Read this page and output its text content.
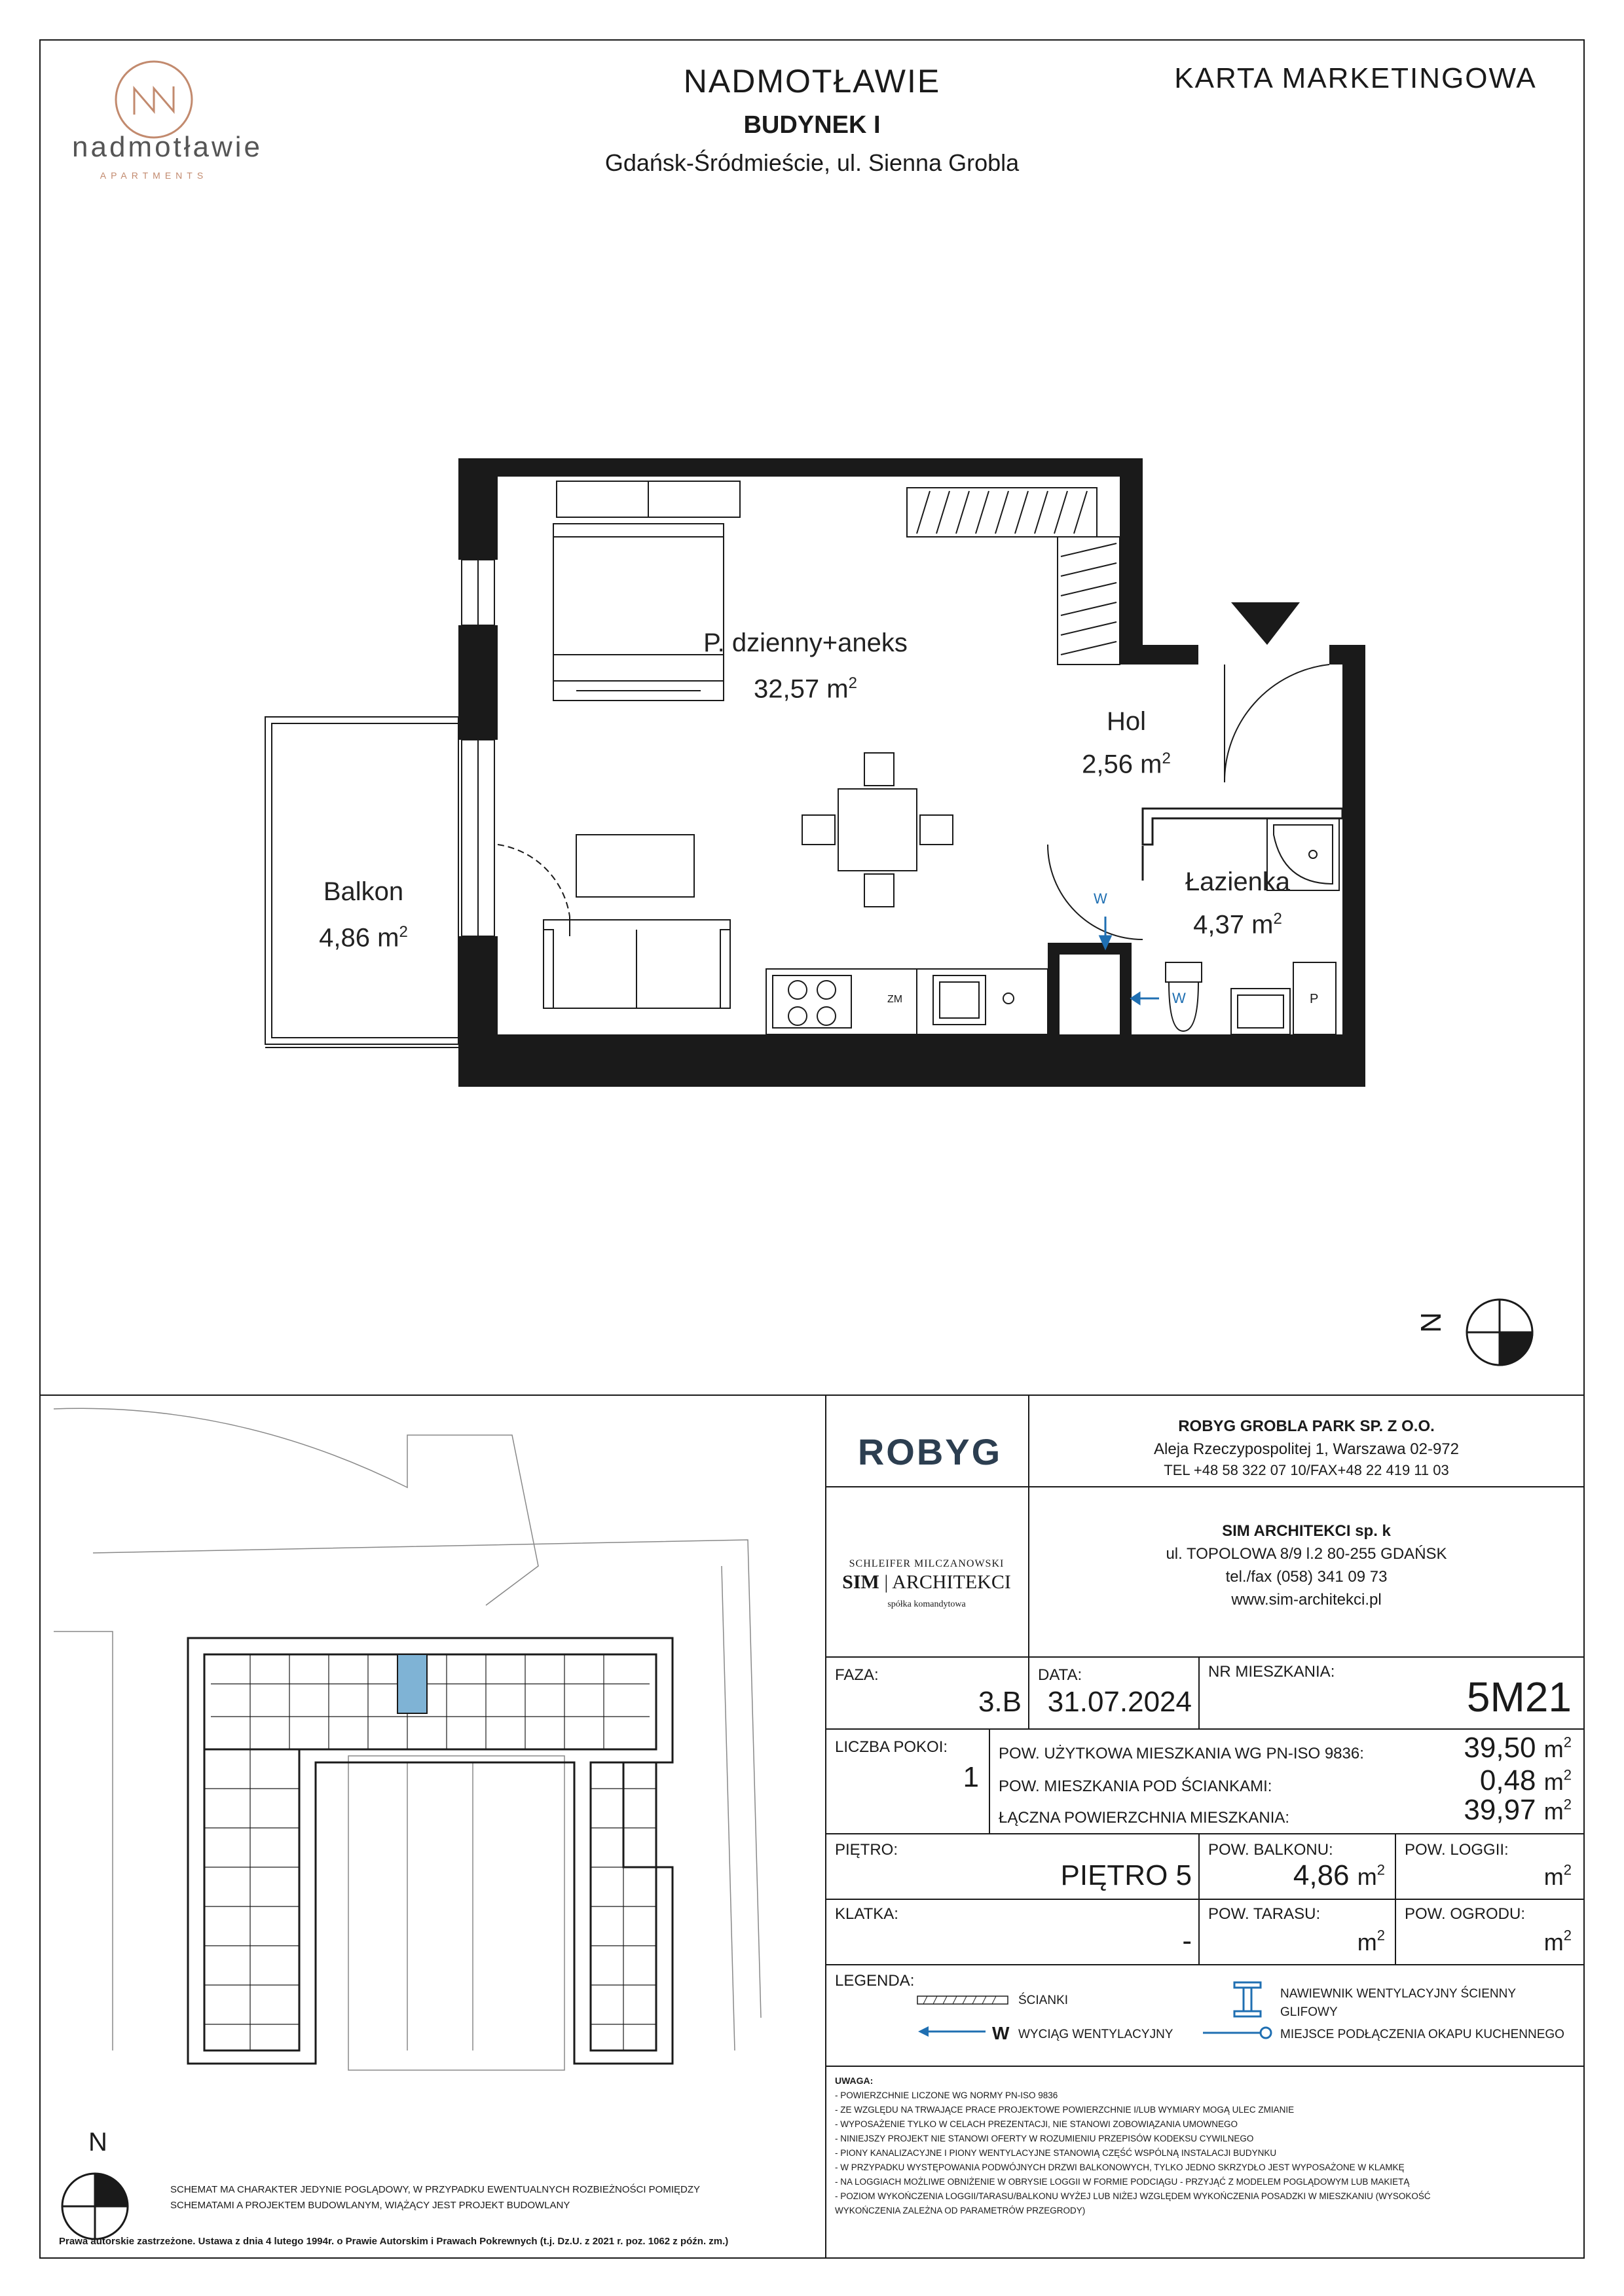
nadmotławie
APARTMENTS
NADMOTŁAWIE
BUDYNEK I
Gdańsk-Śródmieście, ul. Sienna Grobla
KARTA MARKETINGOWA
P. dzienny+aneks
32,57 $m^2$
Hol
2,56 $m^2$
Łazienka
4,37 $m^2$
Balkon
4,86 $m^2$
ZM
W
W	P
N
N
SCHEMAT MA CHARAKTER JEDYNIE POGLĄDOWY, W PRZYPADKU EWENTUALNYCH ROZBIEŻNOŚCI POMIĘDZY
SCHEMATAMI A PROJEKTEM BUDOWLANYM, WIĄŻĄCY JEST PROJEKT BUDOWLANY
Prawa autorskie zastrzeżone. Ustawa z dnia 4 lutego 1994r. o Prawie Autorskim i Prawach Pokrewnych (t.j. Dz.U. z 2021 r. poz. 1062 z późn. zm.)
ROBYG
ROBYG GROBLA PARK SP. Z O.O.
Aleja Rzeczypospolitej 1, Warszawa 02-972
TEL +48 58 322 07 10/FAX+48 22 419 11 03
SCHLEIFER MILCZANOWSKI
SIM | ARCHITEKCI
spółka komandytowa
SIM ARCHITEKCI sp. k
ul. TOPOLOWA 8/9 l.2 80-255 GDAŃSK
tel./fax (058) 341 09 73
www.sim-architekci.pl
FAZA:
3.B
DATA:
31.07.2024
NR MIESZKANIA:
5M21
LICZBA POKOI:
1
POW. UŻYTKOWA MIESZKANIA WG PN-ISO 9836:	39,50 $m^2$
POW. MIESZKANIA POD ŚCIANKAMI:	0,48 $m^2$
ŁĄCZNA POWIERZCHNIA MIESZKANIA:	39,97 $m^2$
PIĘTRO:
PIĘTRO 5
POW. BALKONU:
4,86 $m^2$
POW. LOGGII:
$m^2$
KLATKA:
-
POW. TARASU:
$m^2$
POW. OGRODU:
$m^2$
LEGENDA:
ŚCIANKI
W WYCIĄG WENTYLACYJNY
NAWIEWNIK WENTYLACYJNY ŚCIENNY
GLIFOWY
MIEJSCE PODŁĄCZENIA OKAPU KUCHENNEGO
UWAGA:
- POWIERZCHNIE LICZONE WG NORMY PN-ISO 9836
- ZE WZGLĘDU NA TRWAJĄCE PRACE PROJEKTOWE POWIERZCHNIE I/LUB WYMIARY MOGĄ ULEC ZMIANIE
- WYPOSAŻENIE TYLKO W CELACH PREZENTACJI, NIE STANOWI ZOBOWIĄZANIA UMOWNEGO
- NINIEJSZY PROJEKT NIE STANOWI OFERTY W ROZUMIENIU PRZEPISÓW KODEKSU CYWILNEGO
- PIONY KANALIZACYJNE I PIONY WENTYLACYJNE STANOWIĄ CZĘŚĆ WSPÓLNĄ INSTALACJI BUDYNKU
- W PRZYPADKU WYSTĘPOWANIA PODWÓJNYCH DRZWI BALKONOWYCH, TYLKO JEDNO SKRZYDŁO JEST WYPOSAŻONE W KLAMKĘ
- NA LOGGIACH MOŻLIWE OBNIŻENIE W OBRYSIE LOGGII W FORMIE PODCIĄGU - PRZYJĄĆ Z MODELEM POGLĄDOWYM LUB MAKIETĄ
- POZIOM WYKOŃCZENIA LOGGII/TARASU/BALKONU WYŻEJ LUB NIŻEJ WZGLĘDEM WYKOŃCZENIA POSADZKI W MIESZKANIU (WYSOKOŚĆ
WYKOŃCZENIA ZALEŻNA OD PARAMETRÓW PRZEGRODY)
